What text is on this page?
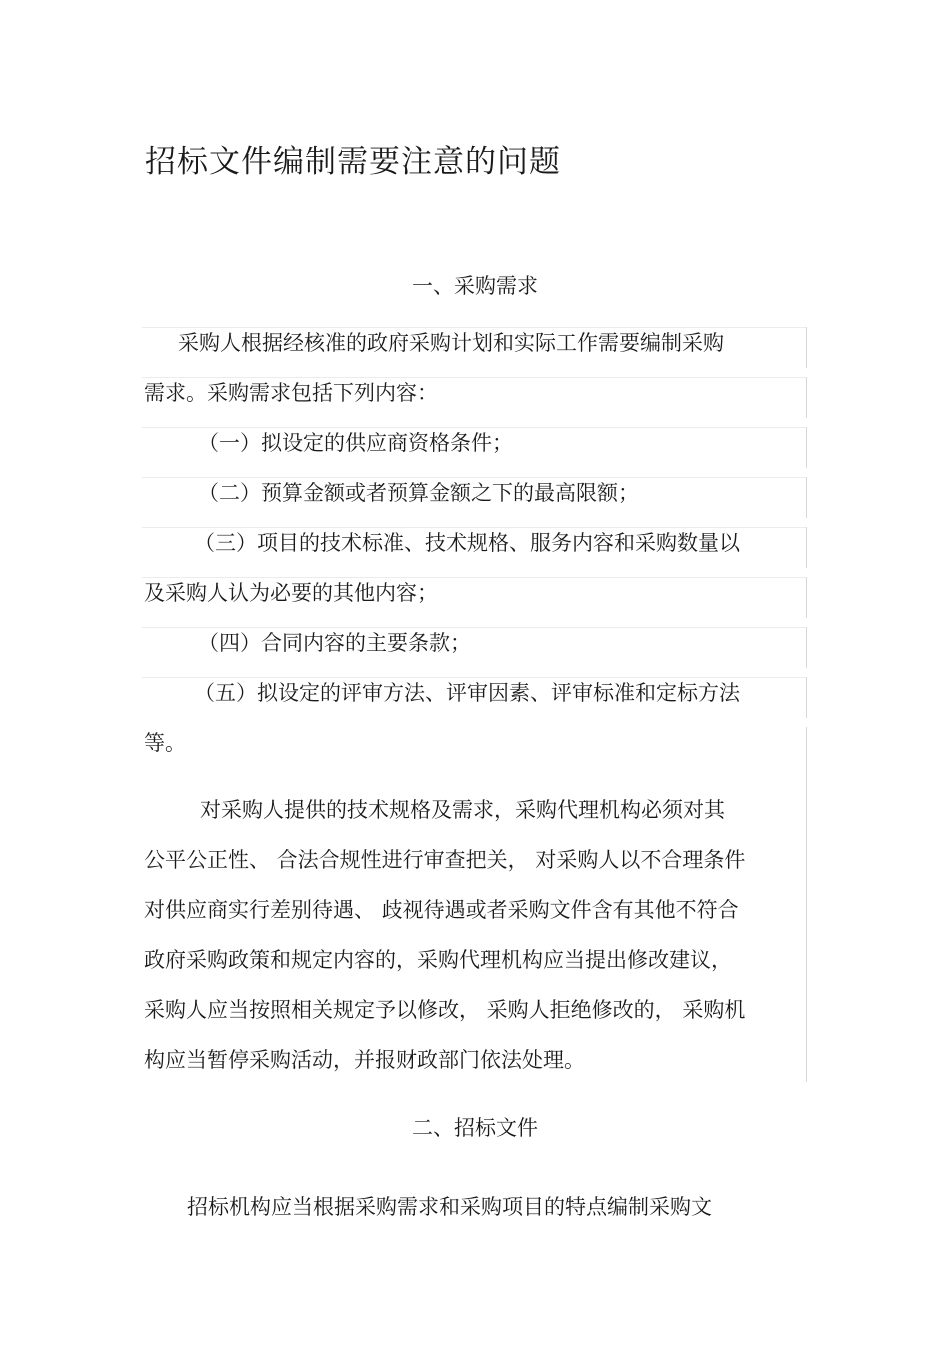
招标文件编制需要注意的问题
一、采购需求
采购人根据经核准的政府采购计划和实际工作需要编制采购
需求。采购需求包括下列内容：
（一）拟设定的供应商资格条件；
（二）预算金额或者预算金额之下的最高限额；
（三）项目的技术标准、技术规格、服务内容和采购数量以
及采购人认为必要的其他内容；
（四）合同内容的主要条款；
（五）拟设定的评审方法、评审因素、评审标准和定标方法
等。
对采购人提供的技术规格及需求，采购代理机构必须对其
公平公正性、 合法合规性进行审查把关， 对采购人以不合理条件
对供应商实行差别待遇、 歧视待遇或者采购文件含有其他不符合
政府采购政策和规定内容的，采购代理机构应当提出修改建议，
采购人应当按照相关规定予以修改， 采购人拒绝修改的， 采购机
构应当暂停采购活动，并报财政部门依法处理。
二、招标文件
招标机构应当根据采购需求和采购项目的特点编制采购文
